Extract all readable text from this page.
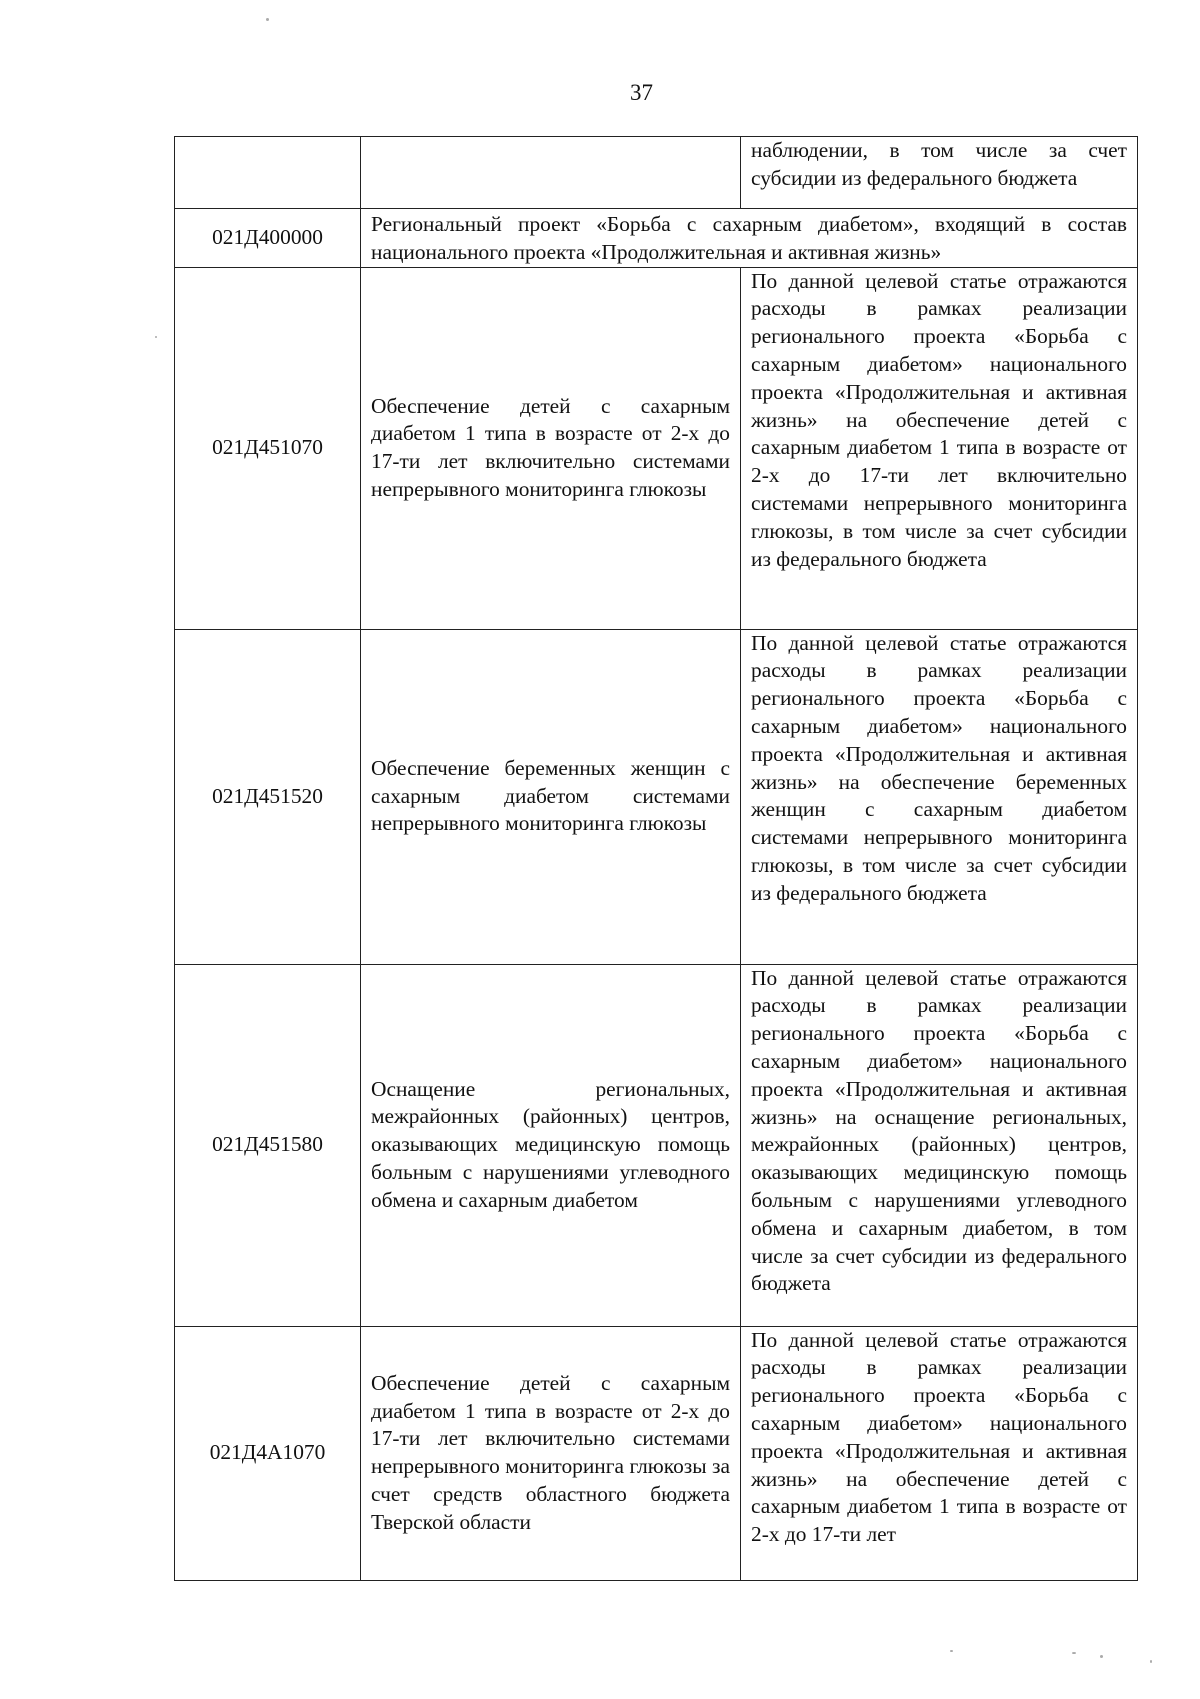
37
		наблюдении, в том числе за счет субсидии из федерального бюджета
021Д400000	Региональный проект «Борьба с сахарным диабетом», входящий в состав национального проекта «Продолжительная и активная жизнь»	
021Д451070	Обеспечение детей с сахарным диабетом 1 типа в возрасте от 2-х до 17-ти лет включительно системами непрерывного мониторинга глюкозы	По данной целевой статье отражаются расходы в рамках реализации регионального проекта «Борьба с сахарным диабетом» национального проекта «Продолжительная и активная жизнь» на обеспечение детей с сахарным диабетом 1 типа в возрасте от 2-х до 17-ти лет включительно системами непрерывного мониторинга глюкозы, в том числе за счет субсидии из федерального бюджета
021Д451520	Обеспечение беременных женщин с сахарным диабетом системами непрерывного мониторинга глюкозы	По данной целевой статье отражаются расходы в рамках реализации регионального проекта «Борьба с сахарным диабетом» национального проекта «Продолжительная и активная жизнь» на обеспечение беременных женщин с сахарным диабетом системами непрерывного мониторинга глюкозы, в том числе за счет субсидии из федерального бюджета
021Д451580	Оснащение региональных, межрайонных (районных) центров, оказывающих медицинскую помощь больным с нарушениями углеводного обмена и сахарным диабетом	По данной целевой статье отражаются расходы в рамках реализации регионального проекта «Борьба с сахарным диабетом» национального проекта «Продолжительная и активная жизнь» на оснащение региональных, межрайонных (районных) центров, оказывающих медицинскую помощь больным с нарушениями углеводного обмена и сахарным диабетом, в том числе за счет субсидии из федерального бюджета
021Д4А1070	Обеспечение детей с сахарным диабетом 1 типа в возрасте от 2-х до 17-ти лет включительно системами непрерывного мониторинга глюкозы за счет средств областного бюджета Тверской области	По данной целевой статье отражаются расходы в рамках реализации регионального проекта «Борьба с сахарным диабетом» национального проекта «Продолжительная и активная жизнь» на обеспечение детей с сахарным диабетом 1 типа в возрасте от 2-х до 17-ти лет
